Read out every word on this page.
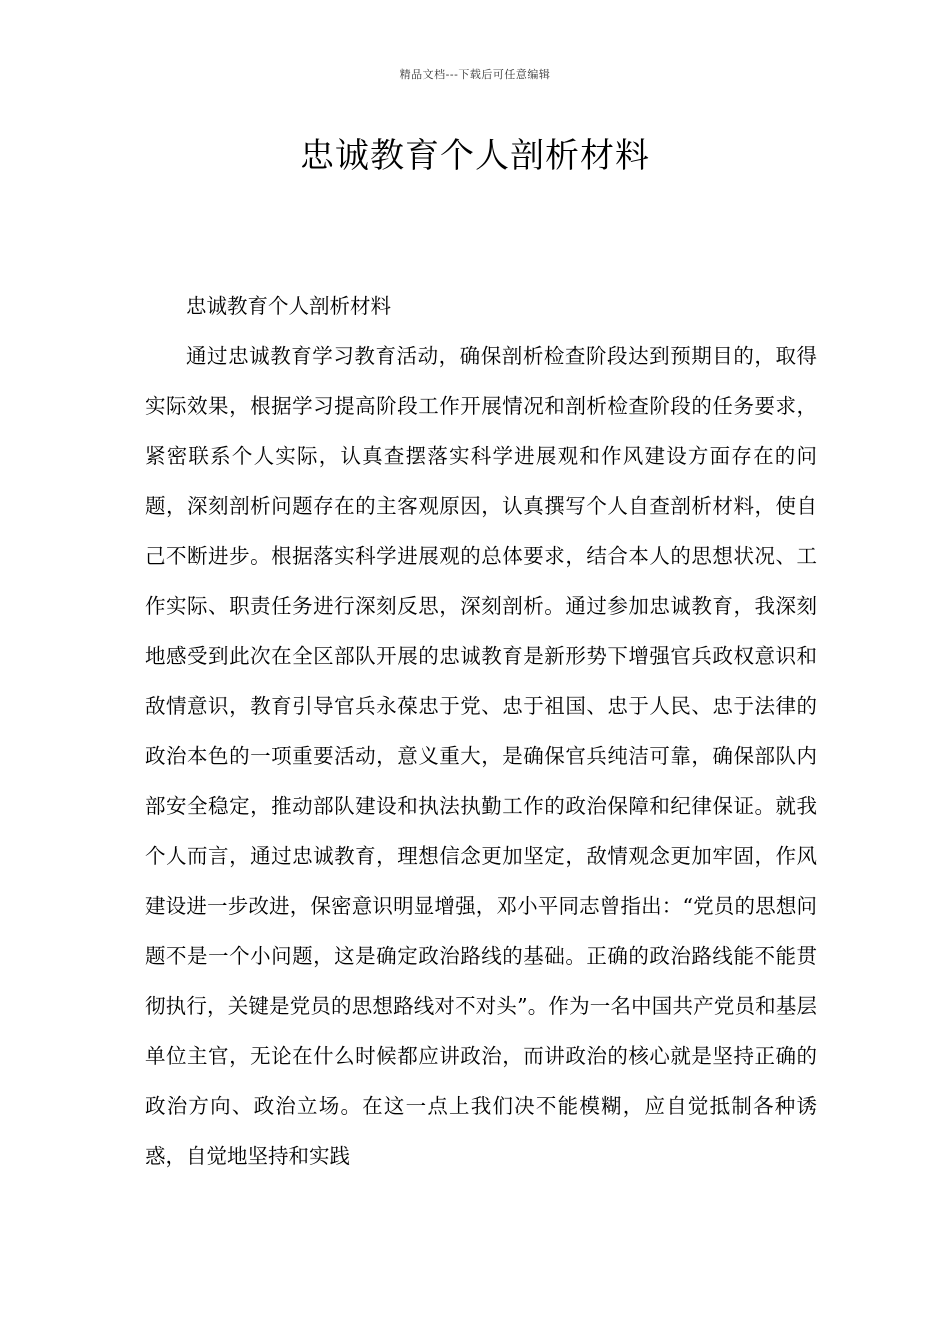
精品文档---下载后可任意编辑
忠诚教育个人剖析材料

忠诚教育个人剖析材料

通过忠诚教育学习教育活动，确保剖析检查阶段达到预期目的，取得实际效果，根据学习提高阶段工作开展情况和剖析检查阶段的任务要求，紧密联系个人实际，认真查摆落实科学进展观和作风建设方面存在的问题，深刻剖析问题存在的主客观原因，认真撰写个人自查剖析材料，使自己不断进步。根据落实科学进展观的总体要求，结合本人的思想状况、工作实际、职责任务进行深刻反思，深刻剖析。通过参加忠诚教育，我深刻地感受到此次在全区部队开展的忠诚教育是新形势下增强官兵政权意识和敌情意识，教育引导官兵永葆忠于党、忠于祖国、忠于人民、忠于法律的政治本色的一项重要活动，意义重大，是确保官兵纯洁可靠，确保部队内部安全稳定，推动部队建设和执法执勤工作的政治保障和纪律保证。就我个人而言，通过忠诚教育，理想信念更加坚定，敌情观念更加牢固，作风建设进一步改进，保密意识明显增强，邓小平同志曾指出：“党员的思想问题不是一个小问题，这是确定政治路线的基础。正确的政治路线能不能贯彻执行，关键是党员的思想路线对不对头”。作为一名中国共产党员和基层单位主官，无论在什么时候都应讲政治，而讲政治的核心就是坚持正确的政治方向、政治立场。在这一点上我们决不能模糊，应自觉抵制各种诱惑，自觉地坚持和实践
